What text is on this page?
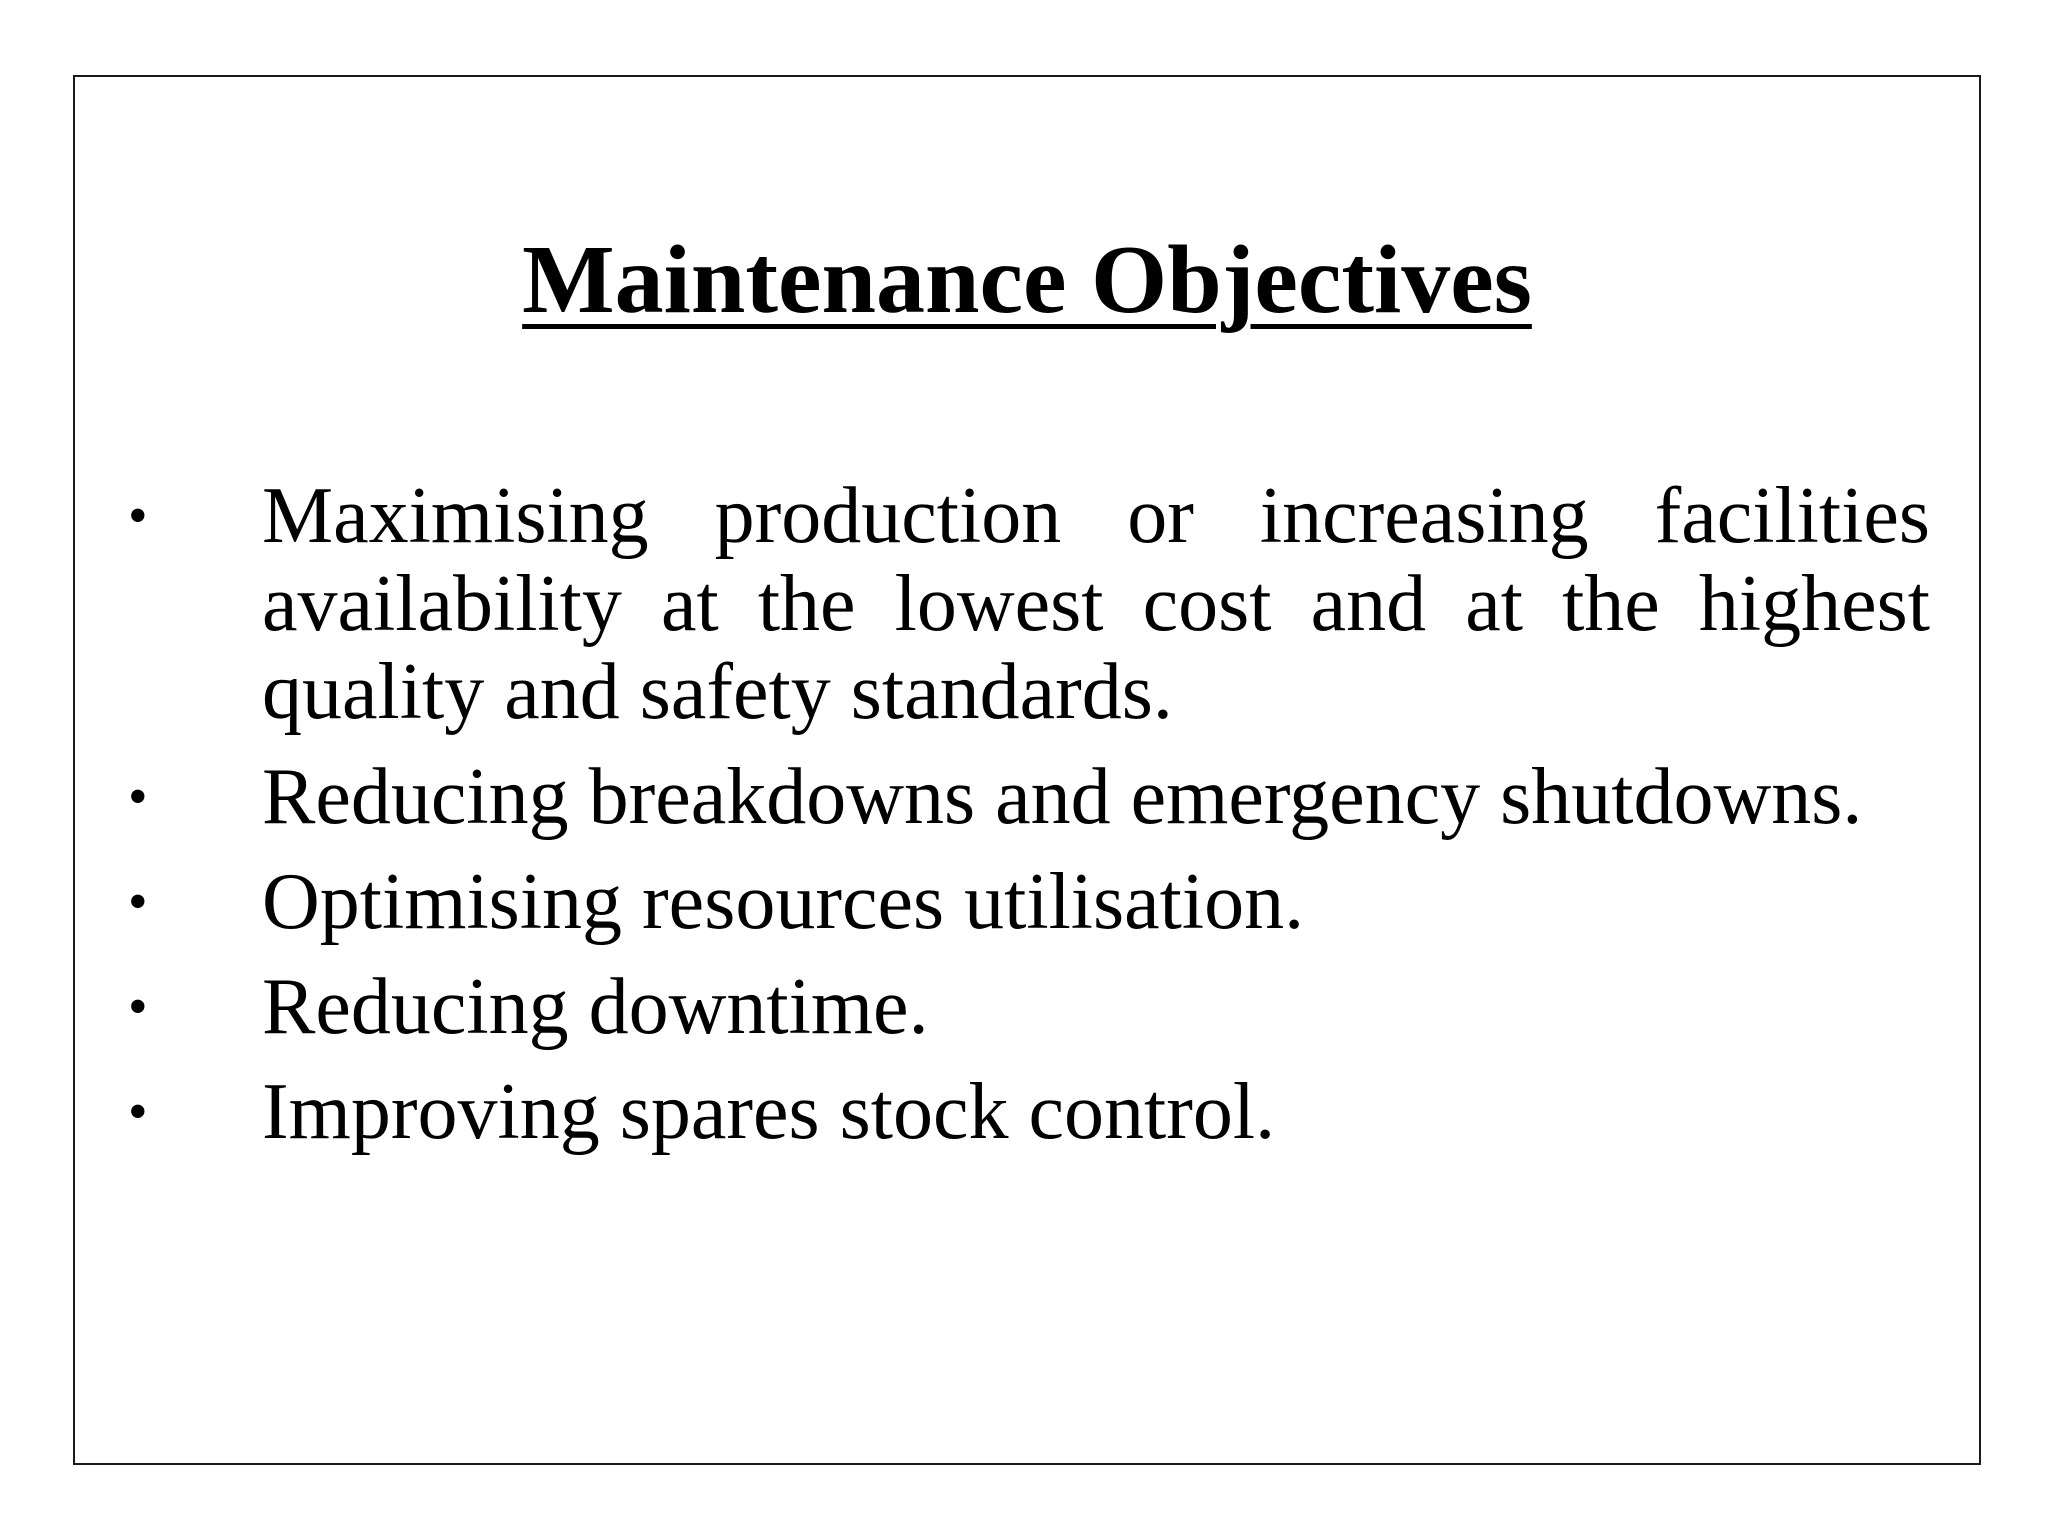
Maintenance Objectives
• Maximising production or increasing facilities availability at the lowest cost and at the highest quality and safety standards.
• Reducing breakdowns and emergency shutdowns.
• Optimising resources utilisation.
• Reducing downtime.
• Improving spares stock control.
